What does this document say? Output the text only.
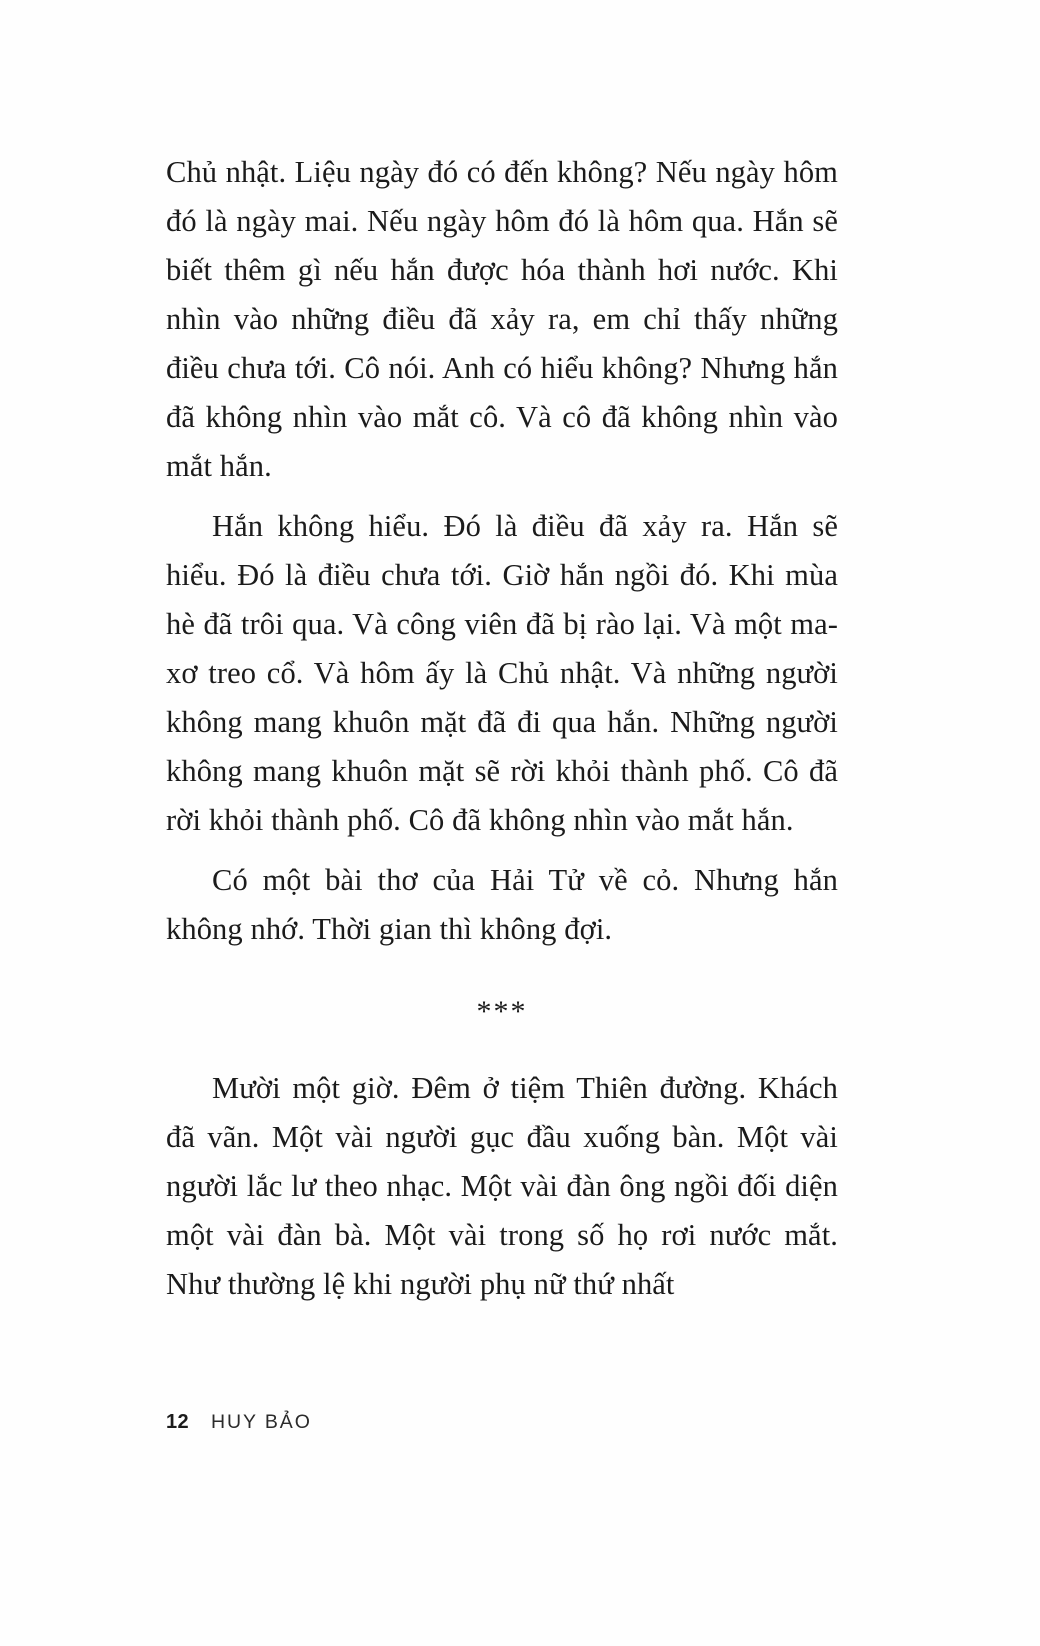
Chủ nhật. Liệu ngày đó có đến không? Nếu ngày hôm đó là ngày mai. Nếu ngày hôm đó là hôm qua. Hắn sẽ biết thêm gì nếu hắn được hóa thành hơi nước. Khi nhìn vào những điều đã xảy ra, em chỉ thấy những điều chưa tới. Cô nói. Anh có hiểu không? Nhưng hắn đã không nhìn vào mắt cô. Và cô đã không nhìn vào mắt hắn.

Hắn không hiểu. Đó là điều đã xảy ra. Hắn sẽ hiểu. Đó là điều chưa tới. Giờ hắn ngồi đó. Khi mùa hè đã trôi qua. Và công viên đã bị rào lại. Và một ma-xơ treo cổ. Và hôm ấy là Chủ nhật. Và những người không mang khuôn mặt đã đi qua hắn. Những người không mang khuôn mặt sẽ rời khỏi thành phố. Cô đã rời khỏi thành phố. Cô đã không nhìn vào mắt hắn.

Có một bài thơ của Hải Tử về cỏ. Nhưng hắn không nhớ. Thời gian thì không đợi.

***

Mười một giờ. Đêm ở tiệm Thiên đường. Khách đã vãn. Một vài người gục đầu xuống bàn. Một vài người lắc lư theo nhạc. Một vài đàn ông ngồi đối diện một vài đàn bà. Một vài trong số họ rơi nước mắt. Như thường lệ khi người phụ nữ thứ nhất

12 HUY BẢO
